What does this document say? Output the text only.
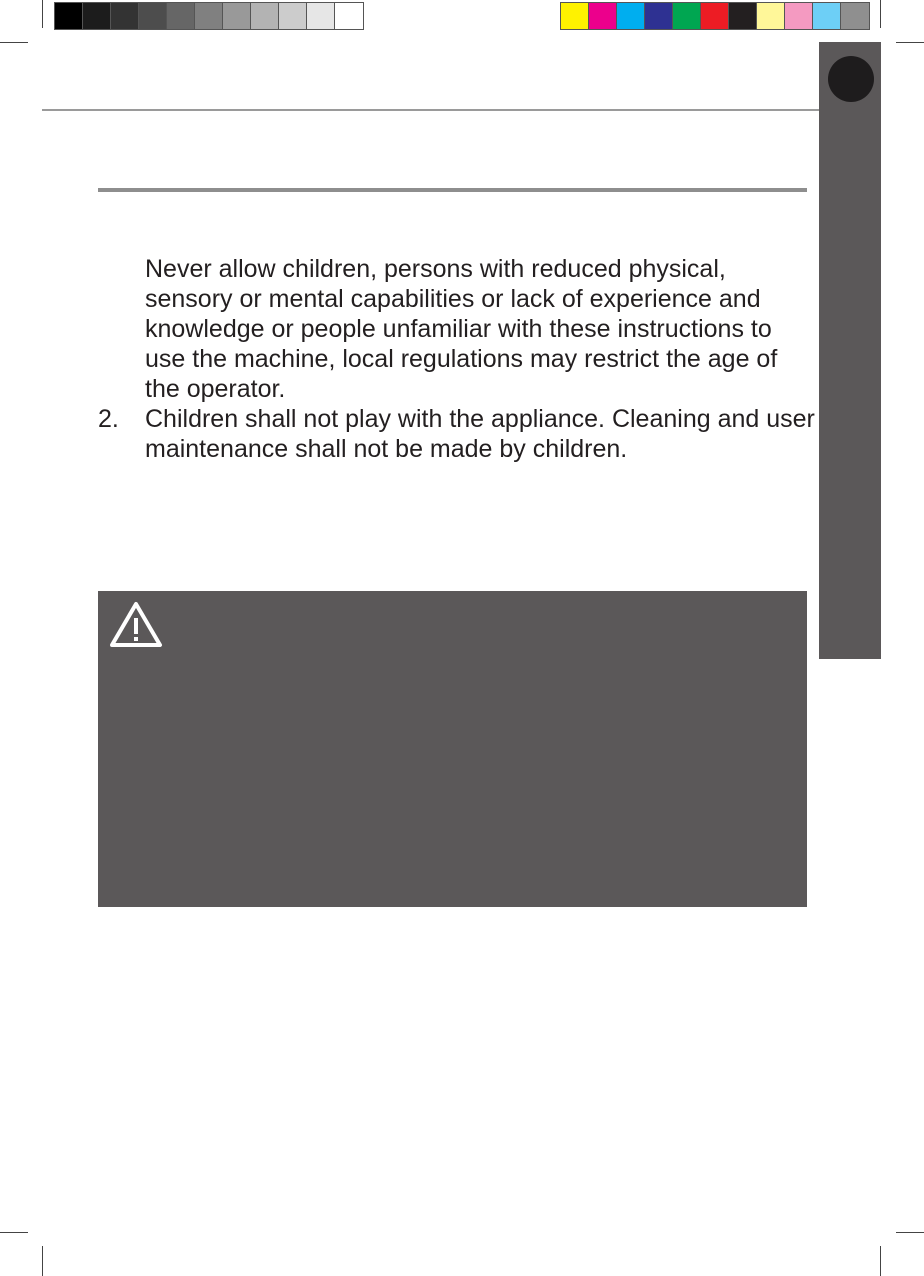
Never allow children, persons with reduced physical, sensory or mental capabilities or lack of experience and knowledge or people unfamiliar with these instructions to use the machine, local regulations may restrict the age of the operator.

2. Children shall not play with the appliance. Cleaning and user maintenance shall not be made by children.
